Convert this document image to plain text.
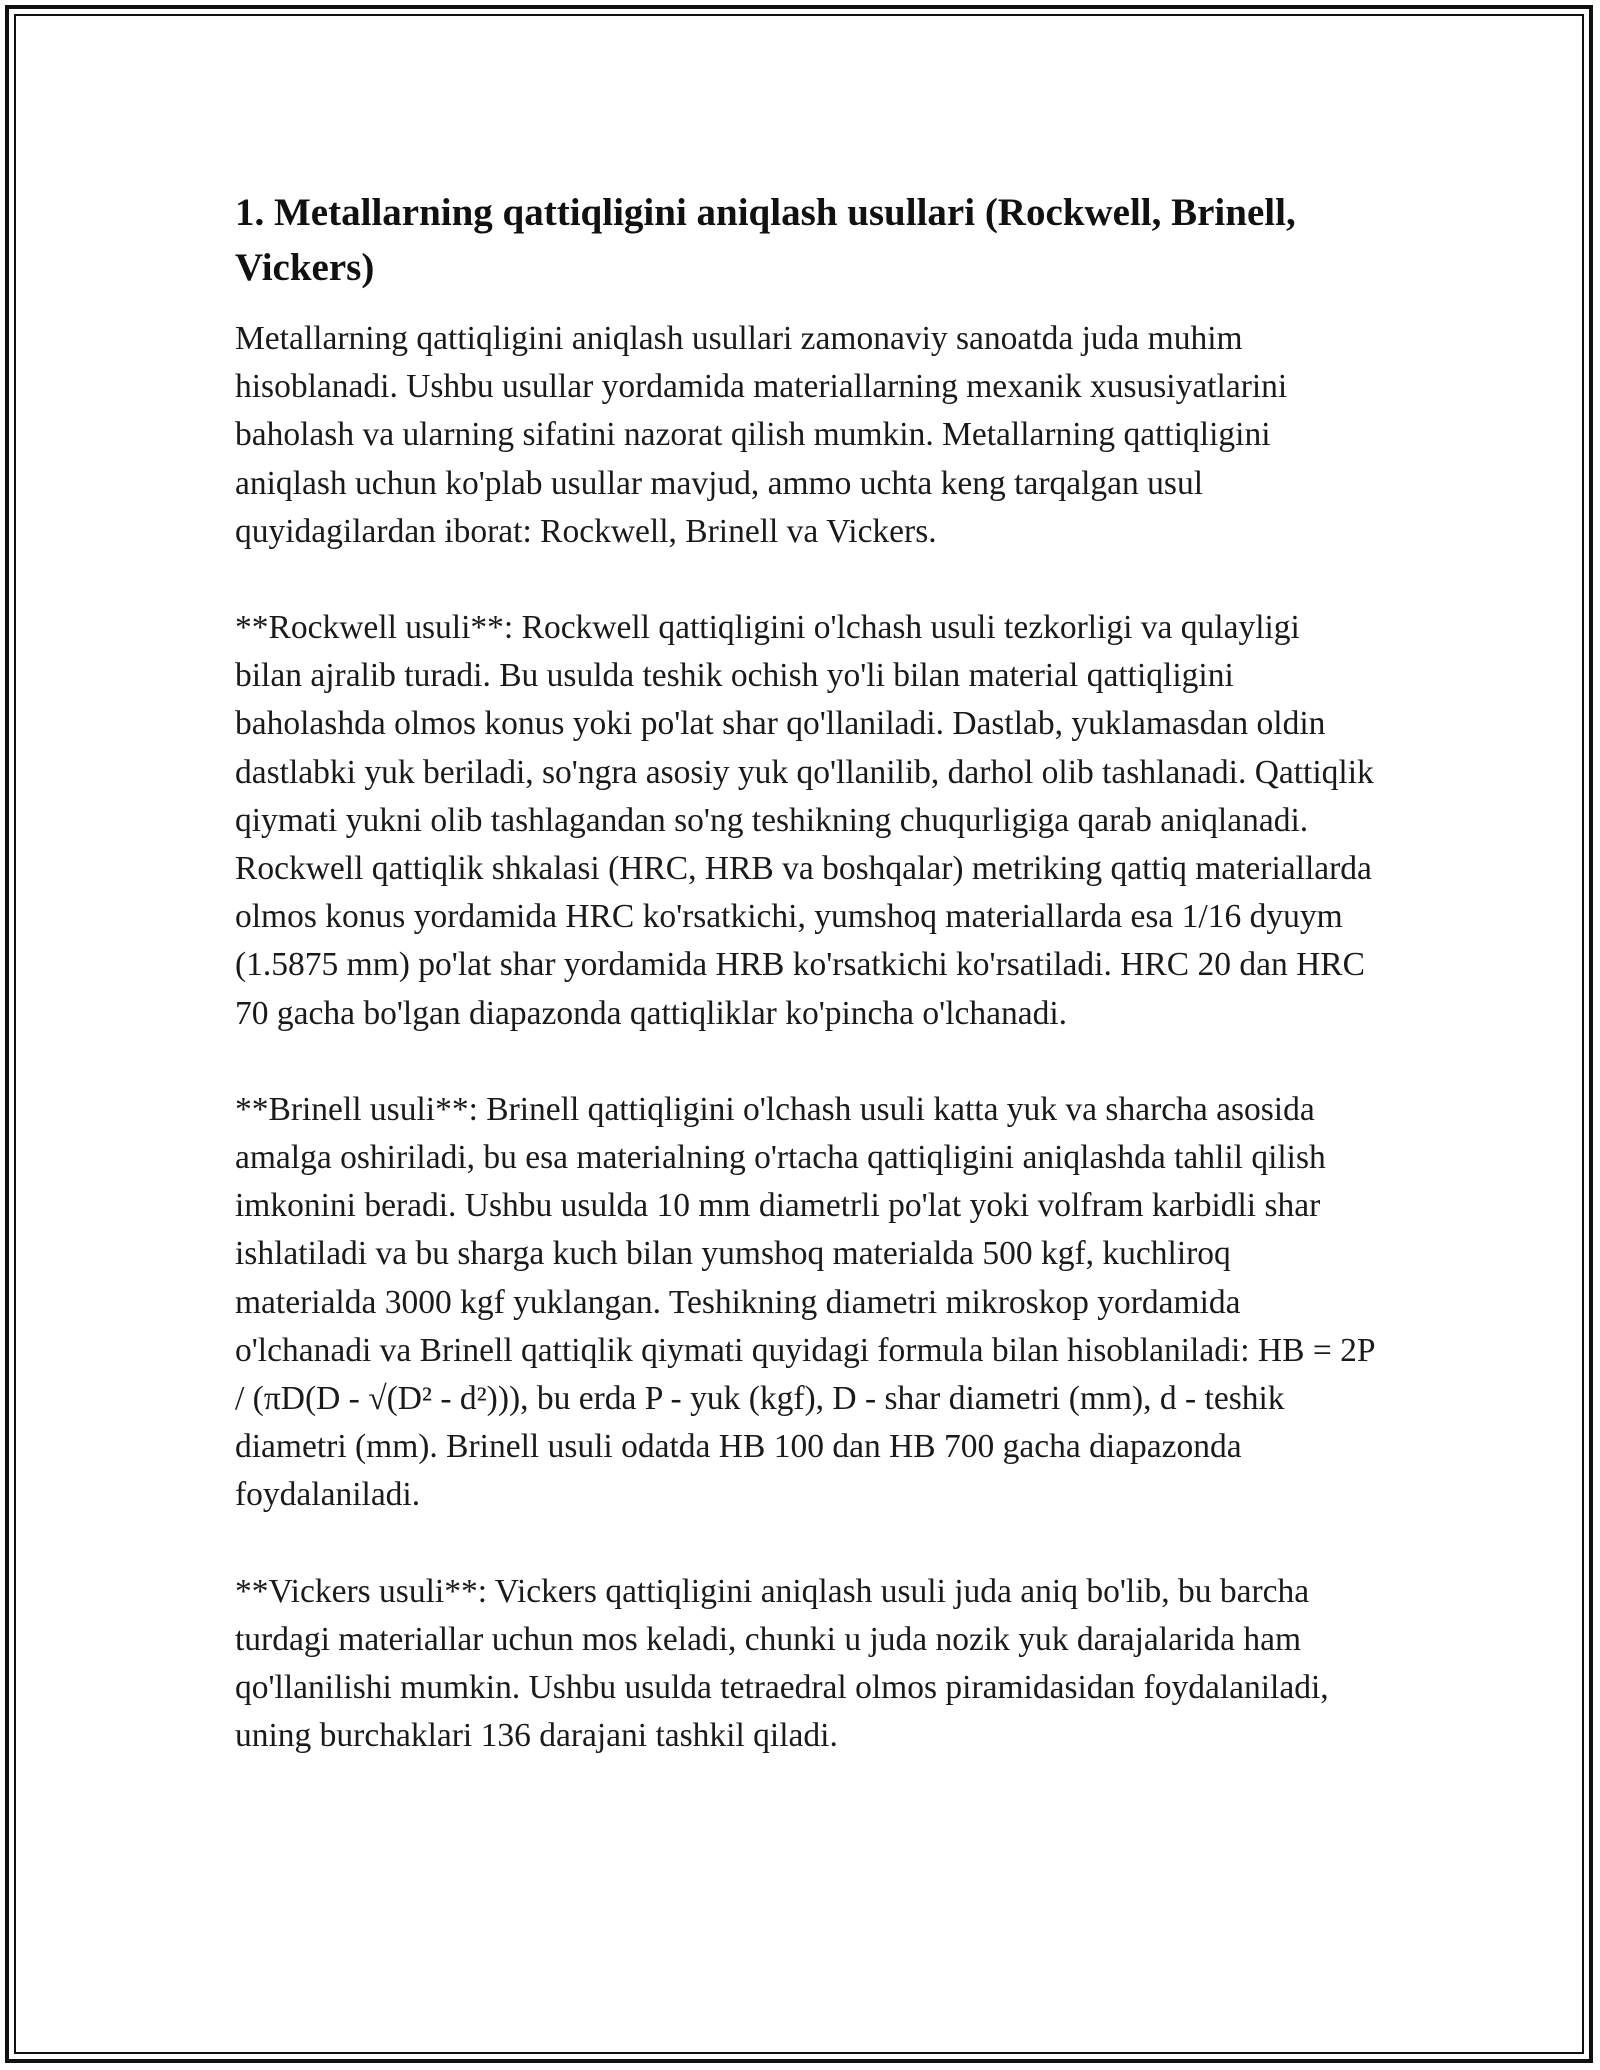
1. Metallarning qattiqligini aniqlash usullari (Rockwell, Brinell, Vickers)

Metallarning qattiqligini aniqlash usullari zamonaviy sanoatda juda muhim hisoblanadi. Ushbu usullar yordamida materiallarning mexanik xususiyatlarini baholash va ularning sifatini nazorat qilish mumkin. Metallarning qattiqligini aniqlash uchun ko'plab usullar mavjud, ammo uchta keng tarqalgan usul quyidagilardan iborat: Rockwell, Brinell va Vickers.

**Rockwell usuli**: Rockwell qattiqligini o'lchash usuli tezkorligi va qulayligi bilan ajralib turadi. Bu usulda teshik ochish yo'li bilan material qattiqligini baholashda olmos konus yoki po'lat shar qo'llaniladi. Dastlab, yuklamasdan oldin dastlabki yuk beriladi, so'ngra asosiy yuk qo'llanilib, darhol olib tashlanadi. Qattiqlik qiymati yukni olib tashlagandan so'ng teshikning chuqurligiga qarab aniqlanadi. Rockwell qattiqlik shkalasi (HRC, HRB va boshqalar) metriking qattiq materiallarda olmos konus yordamida HRC ko'rsatkichi, yumshoq materiallarda esa 1/16 dyuym (1.5875 mm) po'lat shar yordamida HRB ko'rsatkichi ko'rsatiladi. HRC 20 dan HRC 70 gacha bo'lgan diapazonda qattiqliklar ko'pincha o'lchanadi.

**Brinell usuli**: Brinell qattiqligini o'lchash usuli katta yuk va sharcha asosida amalga oshiriladi, bu esa materialning o'rtacha qattiqligini aniqlashda tahlil qilish imkonini beradi. Ushbu usulda 10 mm diametrli po'lat yoki volfram karbidli shar ishlatiladi va bu sharga kuch bilan yumshoq materialda 500 kgf, kuchliroq materialda 3000 kgf yuklangan. Teshikning diametri mikroskop yordamida o'lchanadi va Brinell qattiqlik qiymati quyidagi formula bilan hisoblaniladi: HB = 2P / (πD(D - √(D² - d²))), bu erda P - yuk (kgf), D - shar diametri (mm), d - teshik diametri (mm). Brinell usuli odatda HB 100 dan HB 700 gacha diapazonda foydalaniladi.

**Vickers usuli**: Vickers qattiqligini aniqlash usuli juda aniq bo'lib, bu barcha turdagi materiallar uchun mos keladi, chunki u juda nozik yuk darajalarida ham qo'llanilishi mumkin. Ushbu usulda tetraedral olmos piramidasidan foydalaniladi, uning burchaklari 136 darajani tashkil qiladi.
